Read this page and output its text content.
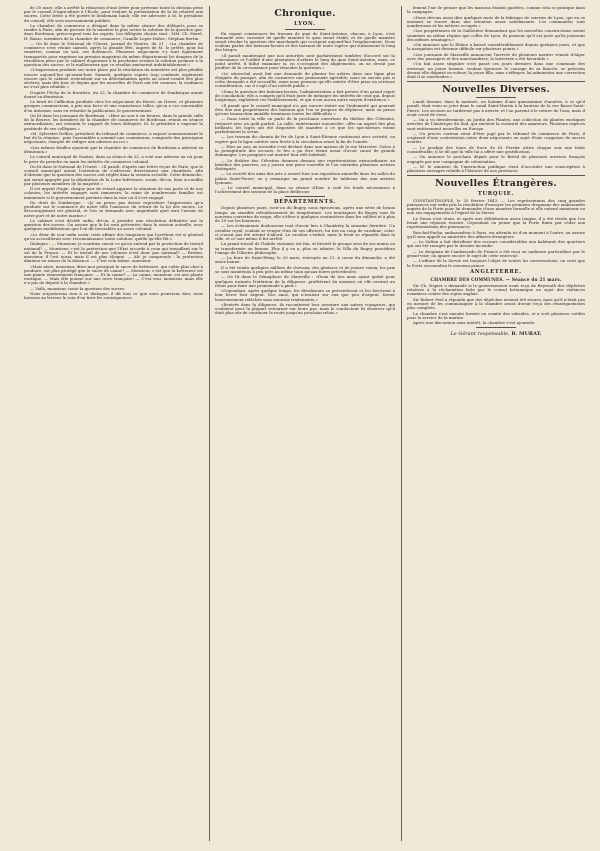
de 20 mars, elle a arrêté la rédaction d'une lettre pour prévenir toute la division prise par le conseil d'Agriculture à l'Ecole, pour évaluer la présentation de la loi relative aux sucres. Cette lettre a été portée le lendemain lundi; elle est adressée à M. le président du conseil; elle sera incessamment publiée.

La chambre de commerce a désigné dans la même séance des délégués pour se rendre à Paris, afin de presser de la manière la plus active la solution de la question que, dans Bordeaux, préoccupent tous les esprits. Les délégués choisis sont : MM. Ch. Fauré, H. Basse, membres de la chambre de commerce; Camille Lopes-Dubec, Stéphan Bertin.

— On lit dans le National de l'Ouest, journal de Nantes, du 21 : «La chambre de commerce s'est réunie samedi, après la grande fête, auprès de M. le préfet, pour lui remettre, comme on sait, ses doléances. Plusieurs négociants s'y sont également transportés pour exprimer au premier magistrat du même département les dangers de la résolution prise par le cabinet d'ajourner à la prochaine session la solution promise à la question des sucres, et le malheureux que ce résultat amènerait indubitablement.»

«L'impression produite sur notre place par la résolution du ministère est plus pénible encore aujourd'hui qu'avant-hier. Samedi, quelques esprits trop confiants espéraient encore que le cabinet reviendrait sur sa détermination après un avant-comité des plus sévères; mais dès hier, et depuis que les nouvelles de Paris ont été connues, la confiance ne s'est plus rétablie.»

D'après l'Echo de la frontière, du 22, la chambre de commerce de Dunkerque aurait donné sa démission.

Le bruit de l'affliction produite chez les négociants du Havre, au Havre, et plusieurs groupes commerciaux, a pris une force et une consistance telles, qu'on a cru convenable d'en informer, sans en retarder la publication, le gouvernement.

On lit dans les journaux de Bordeaux : «Hier au soir à six heures, dans la grande salle de la Bourse, les membres de la chambre de commerce de Bordeaux, réunis en séance extraordinaire, ont entendu le rapport de leurs délégués. M. le président a exprimé la gratitude de ses collègues.»

«M. Sylvestre Delbes, président du tribunal de commerce, a exposé sommairement le but de la réunion : puis l'assemblée a nommé une commission, composée des principaux négociants, chargée de rédiger une adresse au roi.»

«Les mêmes feuilles ajoutent que la chambre de commerce de Bordeaux a adressé sa démission.»

Le conseil municipal de Nantes, dans sa séance du 22, a voté une adresse au roi pour le prier de prendre en main les intérêts du commerce colonial.

On lit dans le National de l'Ouest : «Il paraît, d'après une lettre reçue de Paris, que le conseil municipal aurait l'intention de s'adresser directement aux chambres, afin d'obtenir que la question des sucres soit réglée dans la session actuelle. Cette démarche, qui serait appuyée par la députation de la Loire-Inférieure, serait, dit-on, bien accueillie par plusieurs membres de la majorité.»

Il est urgent d'agir; chaque jour de retard aggrave la situation de nos ports et de nos colonies; les intérêts engagés sont immenses; la ruine de nombreuses familles est imminente si le gouvernement persiste dans la voie où il s'est engagé.

Du droit de Dunkerque : «Je ne pense pas devoir reproduire l'impression qu'a produite sur le commerce de notre ville l'annonce du retrait de la loi des sucres. Le découragement est général, et l'on se demande avec inquiétude quel sera l'avenir de notre port et de notre marine.»

Le cabinet s'est décidé enfin, dit-on, à prendre une résolution définitive sur la question des sucres. On assure que la loi sera présentée dans la session actuelle, avec quelques modifications que l'on dit favorables au sucre colonial.

«Le désir de voir enfin sortir cette affaire des longueurs qui l'arrêtent est si général qu'on accueillerait avec reconnaissance toute solution, quelle qu'elle fût.»

Dialogue : — Monsieur, je voudrais savoir ce qu'on entend par la protection du travail national? — Monsieur, c'est la protection que l'État accorde à ceux qui travaillent sur le sol de la France. — Et le travail de nos colonies n'est donc pas national? — Pardon, monsieur, il l'est aussi, mais il est plus éloigné. — Ah! je comprends : la protection diminue en raison de la distance. — C'est cela même, monsieur.

«Mais alors, monsieur, dites-moi pourquoi le sucre de betterave, qui coûte plus cher à produire, est plus protégé que le sucre de canne? — Monsieur, c'est que la betterave est une plante éminemment française. — Et la canne? — La canne, monsieur, est une plante exotique. — Mais elle pousse sur une terre française! — C'est vrai, monsieur, mais elle n'a pas de député à la chambre.»

— Voilà, monsieur, toute la question des sucres.

Nous n'ajouterons rien à ce dialogue, il dit tout ce que nous pourrions dire; nous laissons au lecteur le soin d'en tirer les conséquences.

Chronique.
LYON.

En voyant commencer les travaux de quai de Saint-Antoine, chacun, à Lyon, s'est demandé avec curiosité de quelle manière le quai serait établi, et de quelle manière serait résolue la question des marchands qui occupent aujourd'hui l'emplacement. Nous voulons parler des bateaux-lavoirs et des bateaux de toute espèce qui stationnent le long des berges.

«Il paraît maintenant que nos autorités sont parfaitement tombées d'accord sur la convenance et l'utilité d'une plantation d'arbres le long du quai Saint-Antoine, mais, ce point arrêté, il fallut examiner si, en s'occupant des alignements, on ne devait pas profiter de la circonstance pour résoudre la question.»

«Le séneschal avait fait une demande de planter les arbres dans une ligne plus éloignée du parapet, afin de conserver une promenade agréable; nous ne savons pas si cette demande a été accueillie; mais nous pensons qu'elle mérite d'être prise en sérieuse considération, car il s'agit d'un intérêt public.»

«Dans la question des bateaux-lavoirs, l'administration a fait preuve d'un grand esprit de conciliation; elle a compris qu'il était juste de ménager les intérêts de ceux qui, depuis longtemps, exploitent ces établissements, et qui n'ont aucun autre moyen d'existence.»

«Il paraît que le conseil municipal n'a pas encore statué sur l'indemnité qui pourrait être due aux propriétaires des bateaux que l'on se propose de déplacer; mais on pense qu'une transaction amiable terminera toutes les difficultés.»

— Dans toute la ville on parle de la prochaine ouverture du théâtre des Célestins, restauré avec un goût parfait. La salle, entièrement renouvelée, offre un aspect des plus brillants; les loges ont été disposées de manière à ce que les spectateurs voient parfaitement la scène.

— Les travaux du chemin de fer de Lyon à Saint-Étienne continuent avec activité; on espère que la ligne entière sera livrée à la circulation avant la fin de l'année.

— Hier au soir, un incendie s'est déclaré dans une maison de la rue Mercière. Grâce à la promptitude des secours, le feu a pu être éteint avant d'avoir causé de grands dommages. Les pompiers ont montré leur zèle habituel.

— Le théâtre des Célestins donnera demain une représentation extraordinaire au bénéfice des pauvres; on y jouera une pièce nouvelle et l'on entendra plusieurs artistes distingués.

— La société des amis des arts a ouvert hier son exposition annuelle dans les salles du palais Saint-Pierre; on y remarque un grand nombre de tableaux dus aux artistes lyonnais.

— Le conseil municipal, dans sa séance d'hier, a voté les fonds nécessaires à l'achèvement des travaux de la place Bellecour.

DÉPARTEMENTS.

Depuis plusieurs jours, écrit-on du Bugey, nous éprouvons, après une série de beaux temps, un sensible refroidissement de température. Les montagnes du Bugey sont de nouveau couvertes de neige; elle s'élève à quelques centimètres dans les vallées et à plus de 20 sur les hauteurs.

— Les événements douloureux vont d'avoir lieu à Chambéry la semaine dernière. Un cavalier royal, voulant se venger d'un de ses officiers, lui tira un coup de carabine; celui-ci n'avait pas été atteint d'abord. Le cavalier s'enfuit, mais le bruit se répandit dans la ville, et ce soir même il fut arrêté.

La grand travail de l'habile statuaire est fini, et bientôt le groupe sera de ses mains ou sa transformée en bronze. Plus il y en a, plus on admire; la Villa du Bugey possédera l'image de l'illustre philosophe.

— La foire de Saint-Rémy, le 20 mars, renvoyée au 21, à cause du dimanche, a été assez bonne.

Il a été vendu quelques milliers de chevaux, des génisses et de jeunes veaux; les prix se sont maintenus à peu près au même taux qu'aux foires précédentes.

— On lit dans le Sémaphore de Marseille : «Deux de nos amis ayant quitté pour quelques instants l'intérieur de la diligence, profitèrent du moment où elle arrivait au relais pour faire une promenade à pied.»

«Cependant, après quelque temps, les dévaliseurs se présentèrent et les forcèrent à leur livrer leur argent. Nos amis, qui n'avaient sur eux que peu d'argent, furent heureusement relâchés sans mauvais traitements.»

«Rentrés dans la diligence, ils racontèrent leur aventure aux autres voyageurs, qui voulaient pour la plupart retourner sur leurs pas; mais le conducteur fit observer qu'il était plus sûr de continuer la route jusqu'au prochain relais.»

lement l'air de penser que les maisons étaient gardées, comme cela se pratique dans la campagne.

«Nous devons aussi dire quelques mots de la fabrique de soieries de Lyon, qui en ce moment se trouve dans une situation assez satisfaisante. Les commandes sont nombreuses et les métiers occupés.»

«Les propriétaires de la Guillotière demandent que les nouvelles constructions soient soumises au même régime que celles de Lyon; ils pensent qu'il est juste qu'ils jouissent des mêmes avantages.»

«On annonce que le Rhône a baissé considérablement depuis quelques jours, et que la navigation est devenue difficile sur plusieurs points.»

«Les journaux de Marseille annoncent l'arrivée de plusieurs navires venant d'Alger avec des passagers et des marchandises; la traversée a été favorable.»

«Un fait assez singulier s'est passé ces jours derniers dans une commune des environs: un jeune homme, voulant éprouver le courage de sa fiancée, se présenta devant elle déguisé en voleur; la jeune fille, sans s'effrayer, lui administra une correction dont il se souviendra.»

Nouvelles Diverses.

Lundi dernier, dans la matinée, un homme d'une quarantaine d'années, à ce qu'il paraît, était venu se jeter dans le canal Saint-Martin à la hauteur de la rue Basse-Saint-Pierre. Les secours ne tardèrent pas à arriver, et l'on parvint à le retirer de l'eau; mais il avait cessé de vivre.

— On a vu dernièrement, au Jardin des Plantes, une collection de plantes exotiques arrivées de l'Amérique du Sud, qui excitent la curiosité des amateurs. Plusieurs espèces sont entièrement nouvelles en Europe.

— Un procès curieux vient d'être jugé par le tribunal de commerce de Paris; il s'agissait d'une contestation entre deux négociants au sujet d'une cargaison de sucres avariés.

— Le prodige des tours de force de M. Perrier attire chaque soir une foule considérable; il se dit que la ville lui a offert une gratification.

— On annonce le prochain départ pour le Brésil de plusieurs ouvriers français engagés par une compagnie de colonisation.

— M. le ministre de l'instruction publique vient d'accorder une souscription à plusieurs ouvrages relatifs à l'histoire de nos provinces.

Nouvelles Étrangères.
TURQUIE.

CONSTANTINOPLE, le 25 février 1843. — Les représentants des cinq grandes puissances ont enfin pris la résolution d'envoyer les premiers drogmans des ambassades auprès de la Porte pour lui demander d'une manière formelle si elle entend maintenir ou non ses engagements à l'égard de la Servie.

Le Divan s'est réuni, et après une délibération assez longue, il a été résolu que l'on ferait une réponse évasive. Cependant on pense que la Porte finira par céder aux représentations des puissances.

Reschid-Pacha, ambassadeur à Paris, est attendu ici d'un moment à l'autre; on assure qu'il sera appelé au ministère des affaires étrangères.

— Le Sultan a fait distribuer des secours considérables aux habitants des quartiers qui ont été ravagés par le dernier incendie.

— Le drogman de l'ambassade de France a été reçu en audience particulière par le grand-vizir; on ignore encore le sujet de cette entrevue.

— L'affaire de la Servie est toujours l'objet de toutes les conversations; on croit que la Porte reconnaîtra le nouveau prince.

ANGLETERRE.
CHAMBRE DES COMMUNES. — Séance du 21 mars.

Sir Ch. Napier a demandé si le gouvernement avait reçu de Beyrouth des dépêches relatives à la réclamation faite par le consul britannique au sujet des violences commises contre des sujets anglais.

Sir Robert Peel a répondu que des dépêches avaient été reçues, mais qu'il n'était pas en mesure de les communiquer à la chambre avant d'avoir reçu des renseignements plus complets.

La chambre s'est ensuite formée en comité des subsides, et a voté plusieurs crédits pour le service de la marine.

Après une discussion sans intérêt, la chambre s'est ajournée.

Le Gérant responsable, B. MURAT.
